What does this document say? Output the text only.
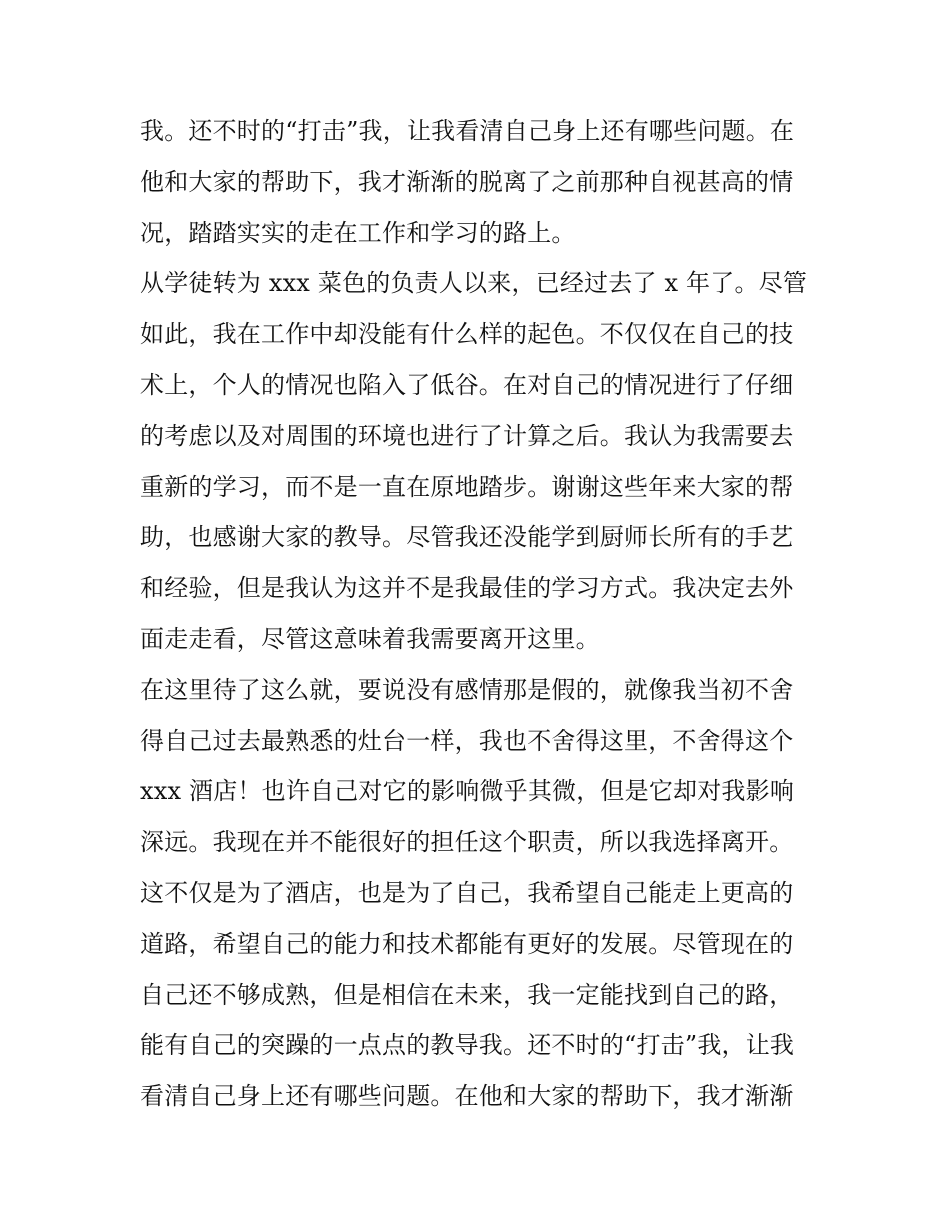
我。还不时的“打击”我，让我看清自己身上还有哪些问题。在
他和大家的帮助下，我才渐渐的脱离了之前那种自视甚高的情
况，踏踏实实的走在工作和学习的路上。
从学徒转为 xxx 菜色的负责人以来，已经过去了 x 年了。尽管
如此，我在工作中却没能有什么样的起色。不仅仅在自己的技
术上，个人的情况也陷入了低谷。在对自己的情况进行了仔细
的考虑以及对周围的环境也进行了计算之后。我认为我需要去
重新的学习，而不是一直在原地踏步。谢谢这些年来大家的帮
助，也感谢大家的教导。尽管我还没能学到厨师长所有的手艺
和经验，但是我认为这并不是我最佳的学习方式。我决定去外
面走走看，尽管这意味着我需要离开这里。
在这里待了这么就，要说没有感情那是假的，就像我当初不舍
得自己过去最熟悉的灶台一样，我也不舍得这里，不舍得这个
xxx 酒店！也许自己对它的影响微乎其微，但是它却对我影响
深远。我现在并不能很好的担任这个职责，所以我选择离开。
这不仅是为了酒店，也是为了自己，我希望自己能走上更高的
道路，希望自己的能力和技术都能有更好的发展。尽管现在的
自己还不够成熟，但是相信在未来，我一定能找到自己的路，
能有自己的突躁的一点点的教导我。还不时的“打击”我，让我
看清自己身上还有哪些问题。在他和大家的帮助下，我才渐渐
